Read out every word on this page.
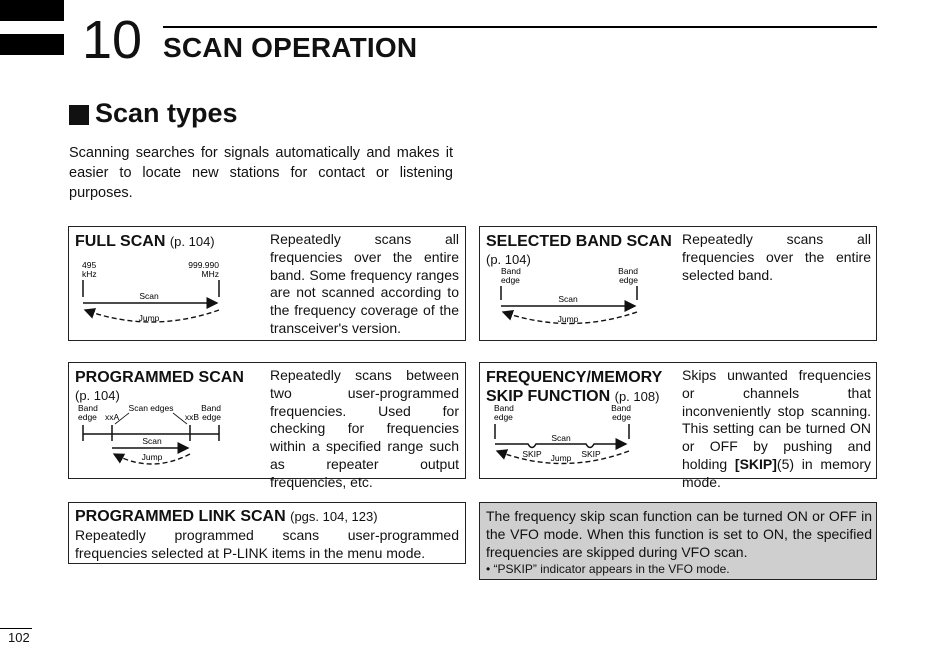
10 SCAN OPERATION
Scan types
Scanning searches for signals automatically and makes it easier to locate new stations for contact or listening purposes.
FULL SCAN (p. 104)
495
kHz
999.990
MHz
Scan
Jump
Repeatedly scans all frequencies over the entire band. Some frequency ranges are not scanned according to the frequency coverage of the transceiver's version.
SELECTED BAND SCAN
(p. 104)
Band
edge
Band
edge
Scan
Jump
Repeatedly scans all frequencies over the entire selected band.
PROGRAMMED SCAN
(p. 104)
Band
edge
Scan edges
xxA	xxB
Band
edge
Scan
Jump
Repeatedly scans between two user-programmed frequencies. Used for checking for frequencies within a specified range such as repeater output frequencies, etc.
FREQUENCY/MEMORY
SKIP FUNCTION (p. 108)
Band
edge
Band
edge
Scan
SKIP Jump SKIP
Skips unwanted frequencies or channels that inconveniently stop scanning. This setting can be turned ON or OFF by pushing and holding [SKIP](5) in memory mode.
PROGRAMMED LINK SCAN (pgs. 104, 123)
Repeatedly programmed scans user-programmed frequencies selected at P-LINK items in the menu mode.
The frequency skip scan function can be turned ON or OFF in the VFO mode. When this function is set to ON, the specified frequencies are skipped during VFO scan.
• “PSKIP” indicator appears in the VFO mode.
102
